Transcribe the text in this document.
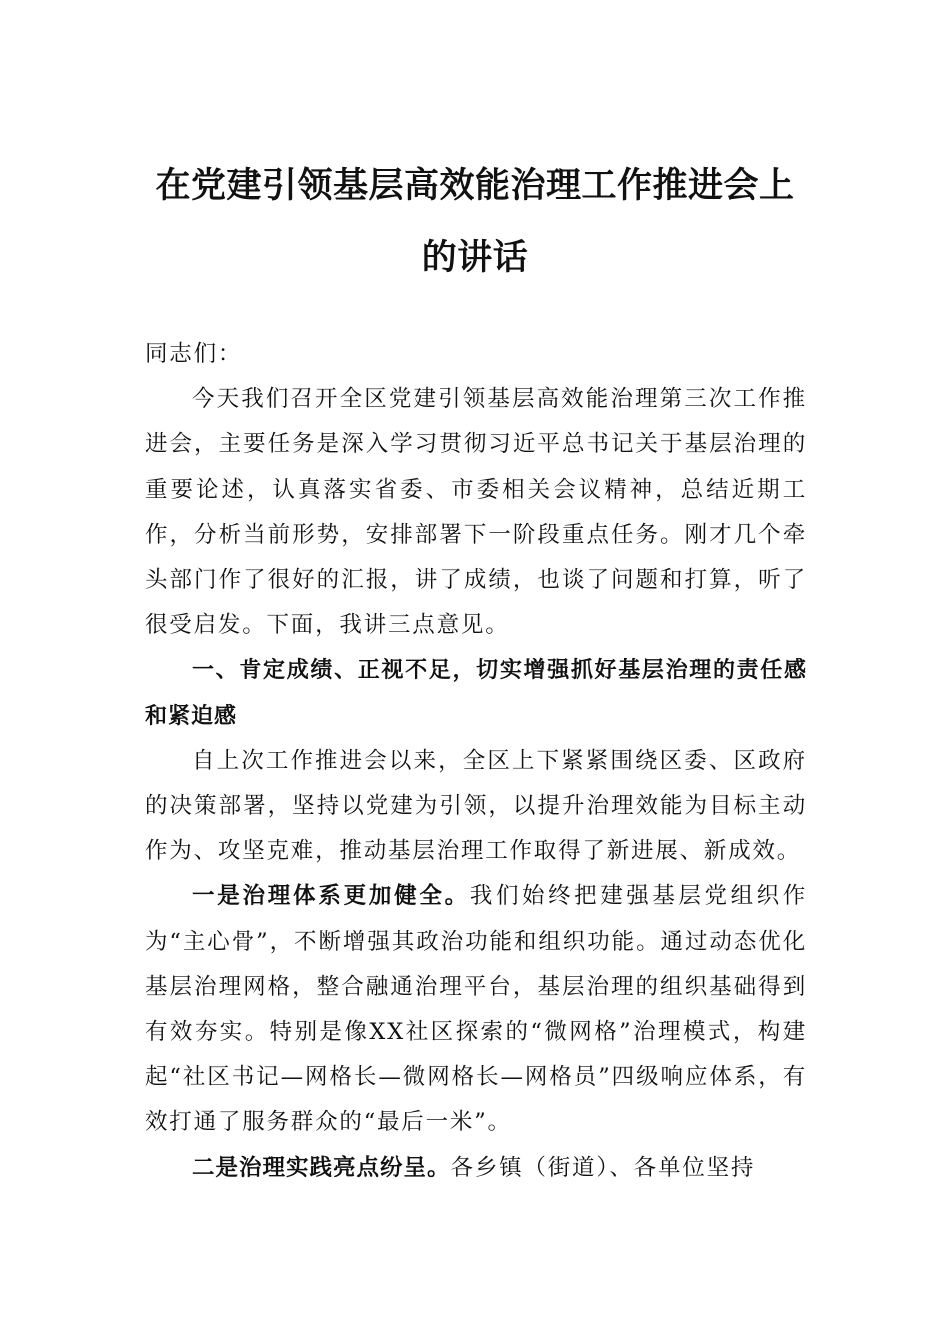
在党建引领基层高效能治理工作推进会上
的讲话

同志们：

今天我们召开全区党建引领基层高效能治理第三次工作推进会，主要任务是深入学习贯彻习近平总书记关于基层治理的重要论述，认真落实省委、市委相关会议精神，总结近期工作，分析当前形势，安排部署下一阶段重点任务。刚才几个牵头部门作了很好的汇报，讲了成绩，也谈了问题和打算，听了很受启发。下面，我讲三点意见。

一、肯定成绩、正视不足，切实增强抓好基层治理的责任感和紧迫感

自上次工作推进会以来，全区上下紧紧围绕区委、区政府的决策部署，坚持以党建为引领，以提升治理效能为目标主动作为、攻坚克难，推动基层治理工作取得了新进展、新成效。

一是治理体系更加健全。我们始终把建强基层党组织作为“主心骨”，不断增强其政治功能和组织功能。通过动态优化基层治理网格，整合融通治理平台，基层治理的组织基础得到有效夯实。特别是像XX社区探索的“微网格”治理模式，构建起“社区书记—网格长—微网格长—网格员”四级响应体系，有效打通了服务群众的“最后一米”。

二是治理实践亮点纷呈。各乡镇（街道）、各单位坚持
